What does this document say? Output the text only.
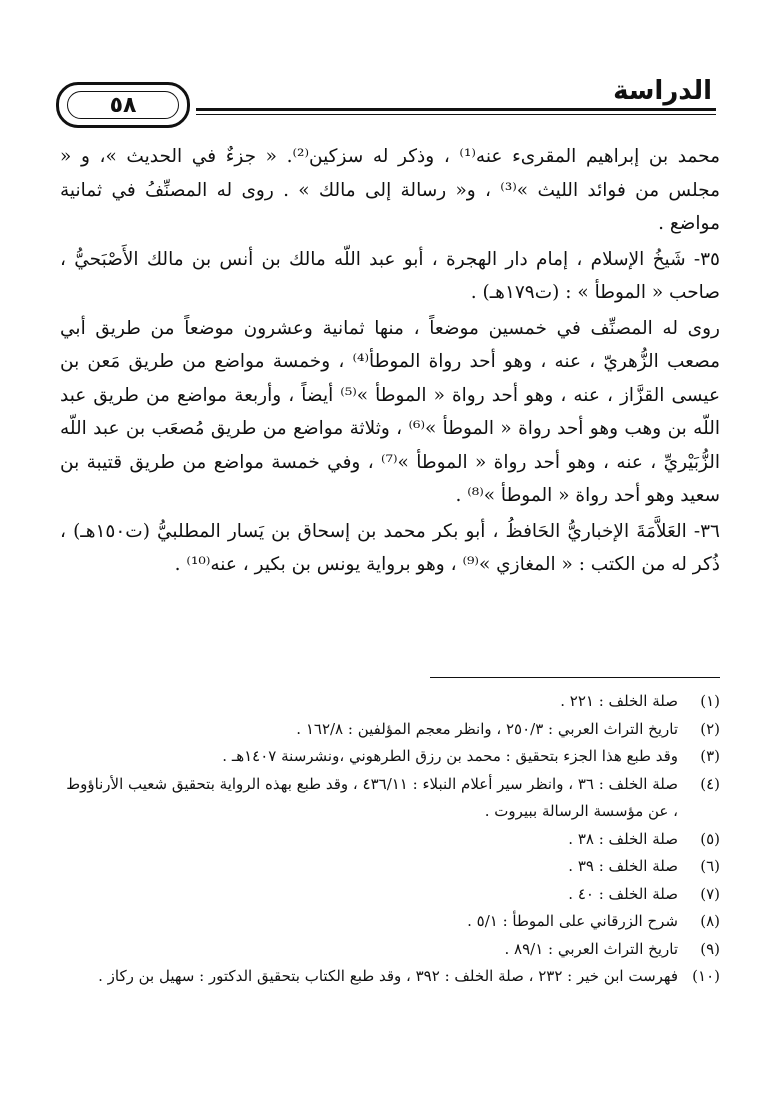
٥٨	الدراسة

محمد بن إبراهيم المقرىء عنه⁽¹⁾ ، وذكر له سزكين⁽²⁾. « جزءٌ في الحديث »، و « مجلس من فوائد الليث »⁽³⁾ ، و« رسالة إلى مالك » . روى له المصنِّفُ في ثمانية مواضع .

٣٥- شَيخُ الإسلام ، إمام دار الهجرة ، أبو عبد اللّه مالك بن أنس بن مالك الأَصْبَحيُّ ، صاحب « الموطأ » : (ت١٧٩هـ) .

روى له المصنِّف في خمسين موضعاً ، منها ثمانية وعشرون موضعاً من طريق أبي مصعب الزُّهريّ ، عنه ، وهو أحد رواة الموطأ⁽⁴⁾ ، وخمسة مواضع من طريق مَعن بن عيسى القزَّاز ، عنه ، وهو أحد رواة « الموطأ »⁽⁵⁾ أيضاً ، وأربعة مواضع من طريق عبد اللّه بن وهب وهو أحد رواة « الموطأ »⁽⁶⁾ ، وثلاثة مواضع من طريق مُصعَب بن عبد اللّه الزُّبَيْريِّ ، عنه ، وهو أحد رواة « الموطأ »⁽⁷⁾ ، وفي خمسة مواضع من طريق قتيبة بن سعيد وهو أحد رواة « الموطأ »⁽⁸⁾ .

٣٦- العَلاَّمَةَ الإخباريُّ الحَافظُ ، أبو بكر محمد بن إسحاق بن يَسار المطلبيُّ (ت١٥٠هـ) ، ذُكر له من الكتب : « المغازي »⁽⁹⁾ ، وهو برواية يونس بن بكير ، عنه⁽¹⁰⁾ .

(١)
صلة الخلف : ٢٢١ .
(٢)
تاريخ التراث العربي : ٢٥٠/٣ ، وانظر معجم المؤلفين : ١٦٢/٨ .
(٣)
وقد طبع هذا الجزء بتحقيق : محمد بن رزق الطرهوني ،ونشرسنة ١٤٠٧هـ .
(٤)
صلة الخلف : ٣٦ ، وانظر سير أعلام النبلاء : ٤٣٦/١١ ، وقد طبع بهذه الرواية بتحقيق شعيب الأرناؤوط ، عن مؤسسة الرسالة ببيروت .
(٥)
صلة الخلف : ٣٨ .
(٦)
صلة الخلف : ٣٩ .
(٧)
صلة الخلف : ٤٠ .
(٨)
شرح الزرقاني على الموطأ : ٥/١ .
(٩)
تاريخ التراث العربي : ٨٩/١ .
(١٠)
فهرست ابن خير : ٢٣٢ ، صلة الخلف : ٣٩٢ ، وقد طبع الكتاب بتحقيق الدكتور : سهيل بن ركاز .
